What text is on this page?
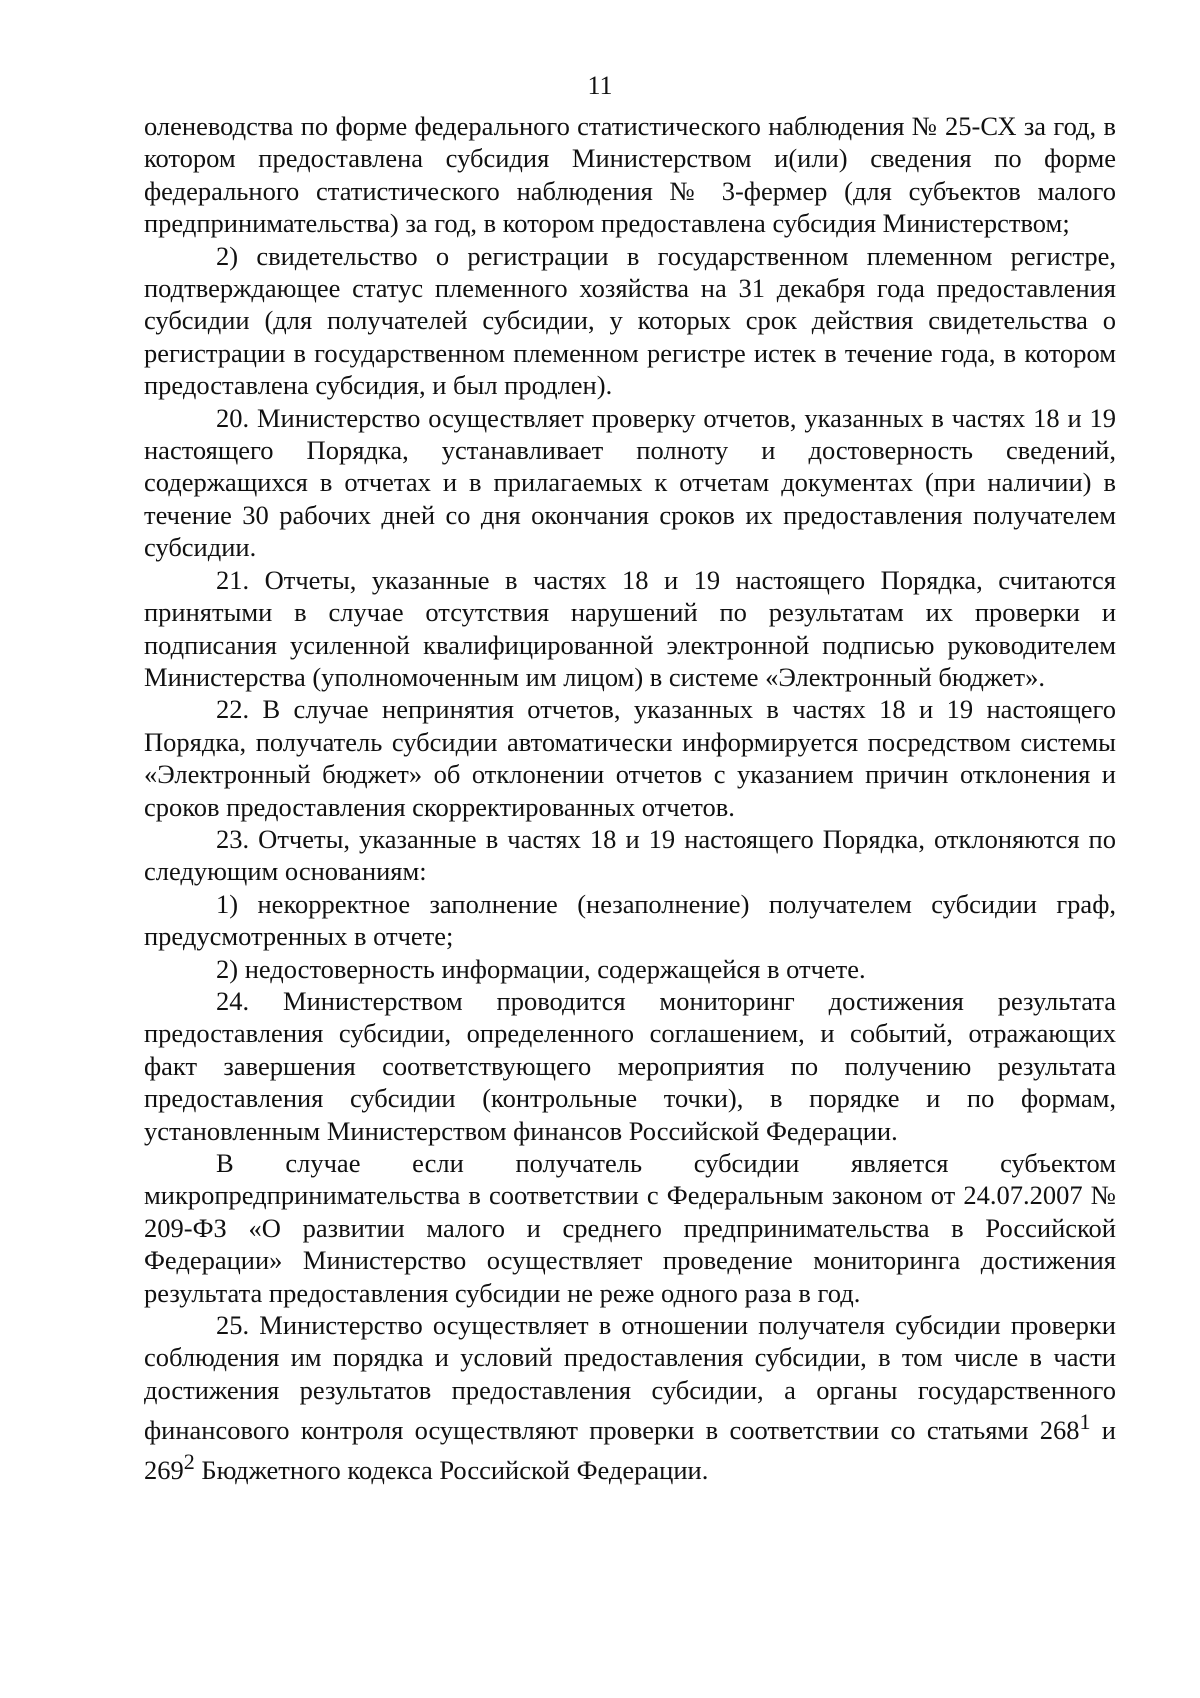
11

оленеводства по форме федерального статистического наблюдения № 25-СХ за год, в котором предоставлена субсидия Министерством и(или) сведения по форме федерального статистического наблюдения № 3-фермер (для субъектов малого предпринимательства) за год, в котором предоставлена субсидия Министерством;

2) свидетельство о регистрации в государственном племенном регистре, подтверждающее статус племенного хозяйства на 31 декабря года предоставления субсидии (для получателей субсидии, у которых срок действия свидетельства о регистрации в государственном племенном регистре истек в течение года, в котором предоставлена субсидия, и был продлен).

20. Министерство осуществляет проверку отчетов, указанных в частях 18 и 19 настоящего Порядка, устанавливает полноту и достоверность сведений, содержащихся в отчетах и в прилагаемых к отчетам документах (при наличии) в течение 30 рабочих дней со дня окончания сроков их предоставления получателем субсидии.

21. Отчеты, указанные в частях 18 и 19 настоящего Порядка, считаются принятыми в случае отсутствия нарушений по результатам их проверки и подписания усиленной квалифицированной электронной подписью руководителем Министерства (уполномоченным им лицом) в системе «Электронный бюджет».

22. В случае непринятия отчетов, указанных в частях 18 и 19 настоящего Порядка, получатель субсидии автоматически информируется посредством системы «Электронный бюджет» об отклонении отчетов с указанием причин отклонения и сроков предоставления скорректированных отчетов.

23. Отчеты, указанные в частях 18 и 19 настоящего Порядка, отклоняются по следующим основаниям:

1) некорректное заполнение (незаполнение) получателем субсидии граф, предусмотренных в отчете;

2) недостоверность информации, содержащейся в отчете.

24. Министерством проводится мониторинг достижения результата предоставления субсидии, определенного соглашением, и событий, отражающих факт завершения соответствующего мероприятия по получению результата предоставления субсидии (контрольные точки), в порядке и по формам, установленным Министерством финансов Российской Федерации.

В случае если получатель субсидии является субъектом микропредпринимательства в соответствии с Федеральным законом от 24.07.2007 № 209-ФЗ «О развитии малого и среднего предпринимательства в Российской Федерации» Министерство осуществляет проведение мониторинга достижения результата предоставления субсидии не реже одного раза в год.

25. Министерство осуществляет в отношении получателя субсидии проверки соблюдения им порядка и условий предоставления субсидии, в том числе в части достижения результатов предоставления субсидии, а органы государственного финансового контроля осуществляют проверки в соответствии со статьями $268^1$ и $269^2$ Бюджетного кодекса Российской Федерации.
